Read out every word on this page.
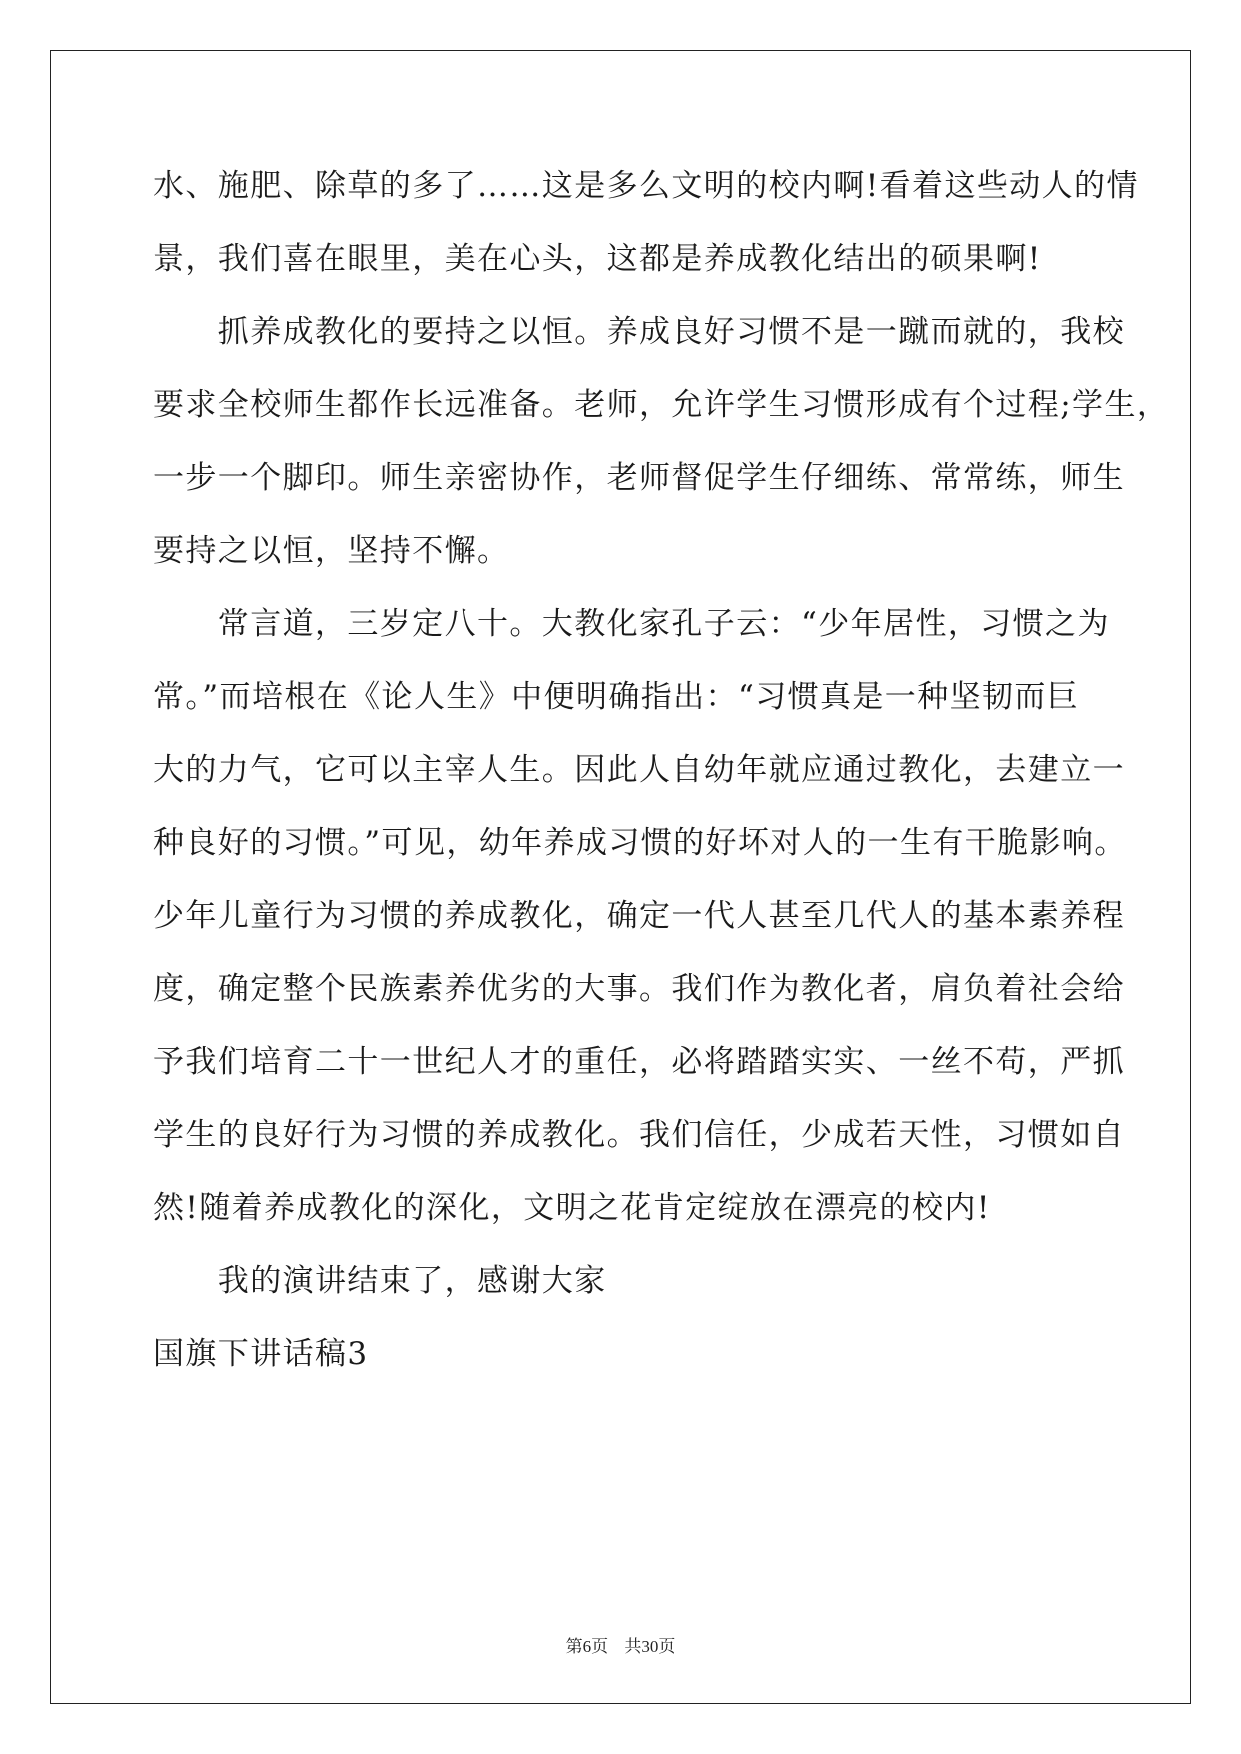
水、施肥、除草的多了……这是多么文明的校内啊!看着这些动人的情
景，我们喜在眼里，美在心头，这都是养成教化结出的硕果啊!
　　抓养成教化的要持之以恒。养成良好习惯不是一蹴而就的，我校
要求全校师生都作长远准备。老师，允许学生习惯形成有个过程;学生，
一步一个脚印。师生亲密协作，老师督促学生仔细练、常常练，师生
要持之以恒，坚持不懈。
　　常言道，三岁定八十。大教化家孔子云：“少年居性，习惯之为
常。”而培根在《论人生》中便明确指出：“习惯真是一种坚韧而巨
大的力气，它可以主宰人生。因此人自幼年就应通过教化，去建立一
种良好的习惯。”可见，幼年养成习惯的好坏对人的一生有干脆影响。
少年儿童行为习惯的养成教化，确定一代人甚至几代人的基本素养程
度，确定整个民族素养优劣的大事。我们作为教化者，肩负着社会给
予我们培育二十一世纪人才的重任，必将踏踏实实、一丝不苟，严抓
学生的良好行为习惯的养成教化。我们信任，少成若天性，习惯如自
然!随着养成教化的深化，文明之花肯定绽放在漂亮的校内!
　　我的演讲结束了，感谢大家
国旗下讲话稿3
第6页 共30页
